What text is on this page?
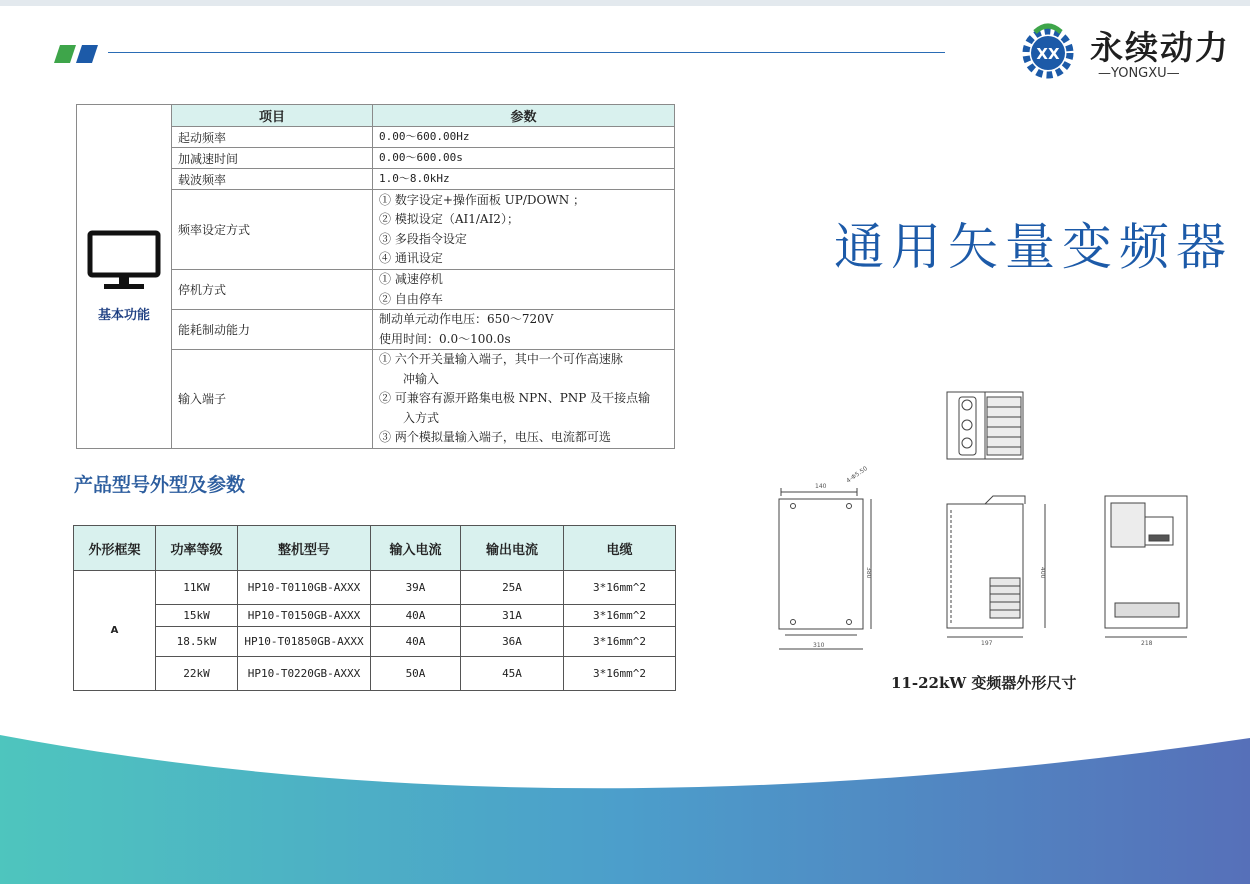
XX 永续动力
—YONGXU—
基本功能	项目	参数
	起动频率	0.00～600.00Hz

	加减速时间	0.00～600.00s

	载波频率	1.0～8.0kHz

	频率设定方式	① 数字设定+操作面板 UP/DOWN ；
② 模拟设定（AI1/AI2）；
③ 多段指令设定
④ 通讯设定

	停机方式	① 减速停机
② 自由停车

	能耗制动能力	制动单元动作电压：650～720V
使用时间：0.0～100.0s

	输入端子	① 六个开关量输入端子，其中一个可作高速脉
冲输入
② 可兼容有源开路集电极 NPN、PNP 及干接点输
入方式
③ 两个模拟量输入端子，电压、电流都可选
产品型号外型及参数
外形框架	功率等级	整机型号	输入电流	输出电流	电缆
A	11KW	HP10-T0110GB-AXXX	39A	25A	3*16mm^2
	15kW	HP10-T0150GB-AXXX	40A	31A	3*16mm^2
	18.5kW	HP10-T01850GB-AXXX	40A	36A	3*16mm^2
	22kW	HP10-T0220GB-AXXX	50A	45A	3*16mm^2
通用矢量变频器
140
4-Φ5.50
310
380
197
400
218
11-22kW 变频器外形尺寸
